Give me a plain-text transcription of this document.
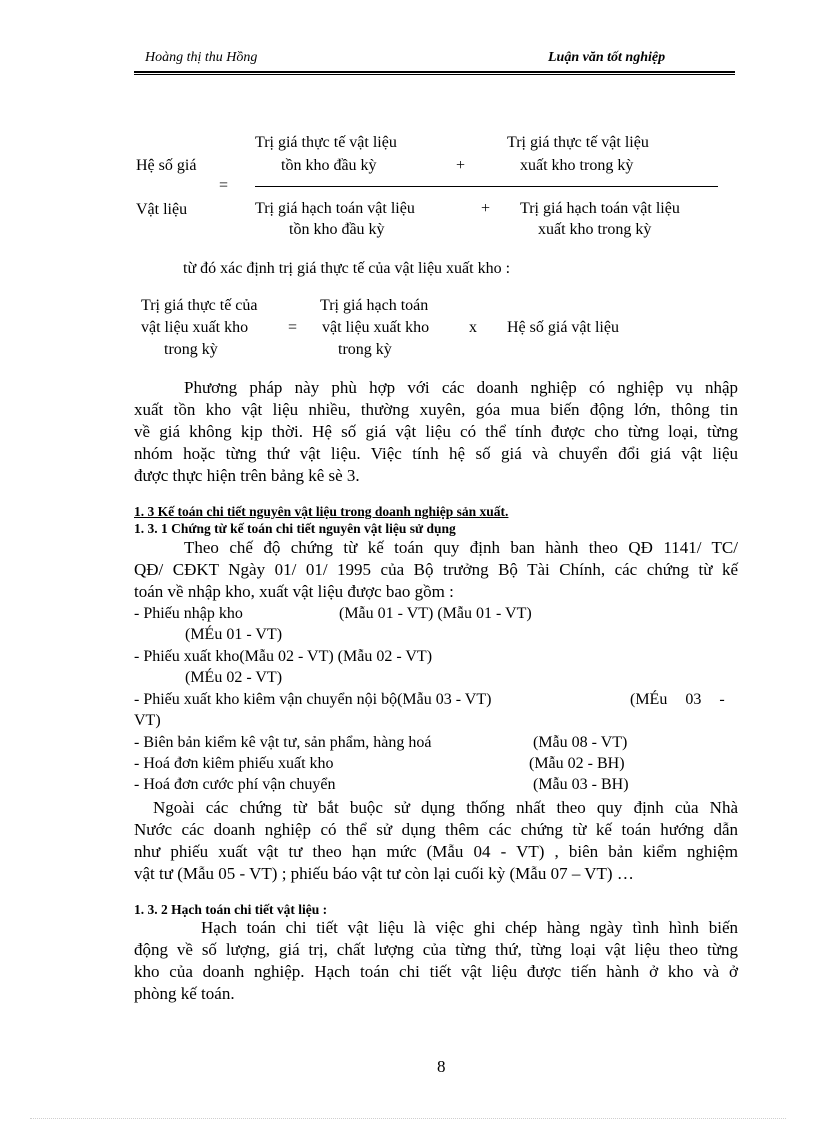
Hoàng thị thu Hồng	Luận văn tốt nghiệp
Hệ số giá
Vật liệu
=
Trị giá thực tế vật liệu
tồn kho đầu kỳ	+
Trị giá thực tế vật liệu
xuất kho trong kỳ
Trị giá hạch toán vật liệu
tồn kho đầu kỳ
+ Trị giá hạch toán vật liệu
xuất kho trong kỳ
từ đó xác định trị giá thực tế của vật liệu xuất kho :
Trị giá thực tế của
vật liệu xuất kho
trong kỳ
=
Trị giá hạch toán
vật liệu xuất kho
trong kỳ
x Hệ số giá vật liệu
Phương pháp này phù hợp với các doanh nghiệp có nghiệp vụ nhập
xuất tồn kho vật liệu nhiều, thường xuyên, góa mua biến động lớn, thông tin
về giá không kịp thời. Hệ số giá vật liệu có thể tính được cho từng loại, từng
nhóm hoặc từng thứ vật liệu. Việc tính hệ số giá và chuyển đổi giá vật liệu
được thực hiện trên bảng kê sè 3.
1. 3 Kế toán chi tiết nguyên vật liệu trong doanh nghiệp sản xuất.
1. 3. 1 Chứng từ kế toán chi tiết nguyên vật liệu sử dụng
Theo chế độ chứng từ kế toán quy định ban hành theo QĐ 1141/ TC/
QĐ/ CĐKT Ngày 01/ 01/ 1995 của Bộ trưởng Bộ Tài Chính, các chứng từ kế
toán về nhập kho, xuất vật liệu được bao gồm :
- Phiếu nhập kho	(Mẫu 01 - VT) (Mẫu 01 - VT)
(MÉu 01 - VT)
- Phiếu xuất kho(Mẫu 02 - VT) (Mẫu 02 - VT)
(MÉu 02 - VT)
- Phiếu xuất kho kiêm vận chuyển nội bộ(Mẫu 03 - VT)	(MÉu 03 -
VT)
- Biên bản kiểm kê vật tư, sản phẩm, hàng hoá	(Mẫu 08 - VT)
- Hoá đơn kiêm phiếu xuất kho	(Mẫu 02 - BH)
- Hoá đơn cước phí vận chuyển	(Mẫu 03 - BH)
Ngoài các chứng từ bắt buộc sử dụng thống nhất theo quy định của Nhà
Nước các doanh nghiệp có thể sử dụng thêm các chứng từ kế toán hướng dẫn
như phiếu xuất vật tư theo hạn mức (Mẫu 04 - VT) , biên bản kiểm nghiệm
vật tư (Mẫu 05 - VT) ; phiếu báo vật tư còn lại cuối kỳ (Mẫu 07 – VT) …
1. 3. 2 Hạch toán chi tiết vật liệu :
Hạch toán chi tiết vật liệu là việc ghi chép hàng ngày tình hình biến
động về số lượng, giá trị, chất lượng của từng thứ, từng loại vật liệu theo từng
kho của doanh nghiệp. Hạch toán chi tiết vật liệu được tiến hành ở kho và ở
phòng kế toán.
8
